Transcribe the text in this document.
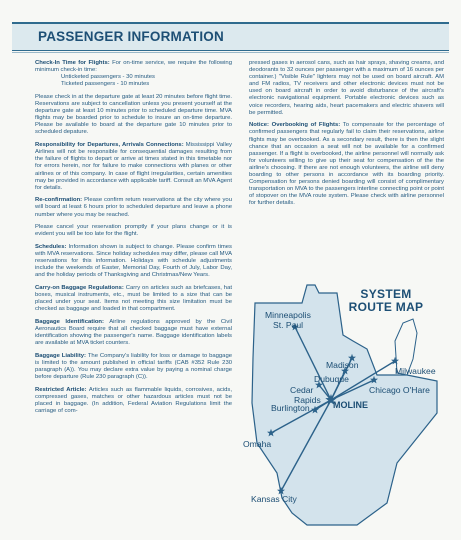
PASSENGER INFORMATION

Check-In Time for Flights: For on-time service, we require the following minimum check-in time:
Unticketed passengers - 30 minutes
Ticketed passengers - 10 minutes

Please check in at the departure gate at least 20 minutes before flight time. Reservations are subject to cancellation unless you present yourself at the departure gate at least 10 minutes prior to scheduled departure time. MVA flights may be boarded prior to schedule to insure an on-time departure. Please be available to board at the departure gate 10 minutes prior to scheduled depature.

Responsibility for Departures, Arrivals Connections: Mississippi Valley Airlines will not be responsible for consequential damages resulting from the failure of flights to depart or arrive at times stated in this timetable nor for errors herein, nor for failure to make connections with planes or other airlines or of this company. In case of flight irregularities, certain amenities may be provided in accordance with applicable tariff. Consult an MVA Agent for details.

Re-confirmation: Please confirm return reservations at the city where you will board at least 6 hours prior to scheduled departure and leave a phone number where you may be reached.

Please cancel your reservation promptly if your plans change or it is evident you will be too late for the flight.

Schedules: Information shown is subject to change. Please confirm times with MVA reservations. Since holiday schedules may differ, please call MVA reservations for this information. Holidays with schedule adjustments include the weekends of Easter, Memorial Day, Fourth of July, Labor Day, and the holiday periods of Thanksgiving and Christmas/New Years.

Carry-on Baggage Regulations: Carry on articles such as briefcases, hat boxes, musical instruments, etc., must be limited to a size that can be placed under your seat. Items not meeting this size limitation must be checked as baggage and loaded in that compartment.

Baggage Identification: Airline regulations approved by the Civil Aeronautics Board require that all checked baggage must have external identification showing the passenger's name. Baggage identification labels are available at MVA ticket counters.

Baggage Liability: The Company's liability for loss or damage to baggage is limited to the amount published in official tariffs (CAB #352 Rule 230 paragraph (A)). You may declare extra value by paying a nominal charge before departure (Rule 230 paragraph (C)).

Restricted Article: Articles such as flammable liquids, corrosives, acids, compressed gases, matches or other hazardous articles must not be placed in baggage. (In addition, Federal Aviation Regulations limit the carriage of com-

pressed gases in aerosol cans, such as hair sprays, shaving creams, and deodorants to 32 ounces per passenger with a maximum of 16 ounces per container.) "Visible Rule" lighters may not be used on board aircraft. AM and FM radios, TV receivers and other electronic devices must not be used on board aircraft in order to avoid disturbance of the aircraft's electronic navigational equipment. Portable electronic devices such as voice recorders, hearing aids, heart pacemakers and electric shavers will be permitted.

Notice: Overbooking of Flights: To compensate for the percentage of confirmed passengers that regularly fail to claim their reservations, airline flights may be overbooked. As a secondary result, there is then the slight chance that an occasion a seat will not be available for a confirmed passenger. If a flight is overbooked, the airline personnel will normally ask for volunteers willing to give up their seat for compensation of the the airline's choosing. If there are not enough volunteers, the airline will deny boarding to other persons in accordance with its boarding priority. Compensation for persons denied boarding will consist of complimentary transportation on MVA to the passengers interline connecting point or point of stopover on the MVA route system. Please check with airline personnel for further details.

SYSTEM
ROUTE MAP
Minneapolis
St. Paul
Madison
Milwaukee
Dubuque
Cedar
Rapids
Chicago O'Hare
Burlington	MOLINE
Omaha
Kansas City
